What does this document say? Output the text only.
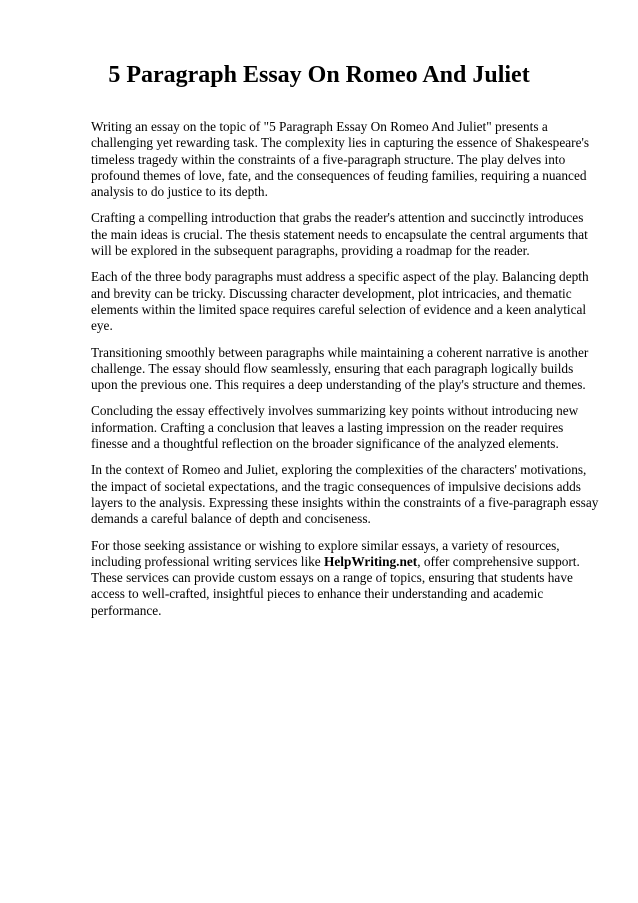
5 Paragraph Essay On Romeo And Juliet

Writing an essay on the topic of "5 Paragraph Essay On Romeo And Juliet" presents a challenging yet rewarding task. The complexity lies in capturing the essence of Shakespeare's timeless tragedy within the constraints of a five-paragraph structure. The play delves into profound themes of love, fate, and the consequences of feuding families, requiring a nuanced analysis to do justice to its depth.

Crafting a compelling introduction that grabs the reader's attention and succinctly introduces the main ideas is crucial. The thesis statement needs to encapsulate the central arguments that will be explored in the subsequent paragraphs, providing a roadmap for the reader.

Each of the three body paragraphs must address a specific aspect of the play. Balancing depth and brevity can be tricky. Discussing character development, plot intricacies, and thematic elements within the limited space requires careful selection of evidence and a keen analytical eye.

Transitioning smoothly between paragraphs while maintaining a coherent narrative is another challenge. The essay should flow seamlessly, ensuring that each paragraph logically builds upon the previous one. This requires a deep understanding of the play's structure and themes.

Concluding the essay effectively involves summarizing key points without introducing new information. Crafting a conclusion that leaves a lasting impression on the reader requires finesse and a thoughtful reflection on the broader significance of the analyzed elements.

In the context of Romeo and Juliet, exploring the complexities of the characters' motivations, the impact of societal expectations, and the tragic consequences of impulsive decisions adds layers to the analysis. Expressing these insights within the constraints of a five-paragraph essay demands a careful balance of depth and conciseness.

For those seeking assistance or wishing to explore similar essays, a variety of resources, including professional writing services like HelpWriting.net, offer comprehensive support. These services can provide custom essays on a range of topics, ensuring that students have access to well-crafted, insightful pieces to enhance their understanding and academic performance.
